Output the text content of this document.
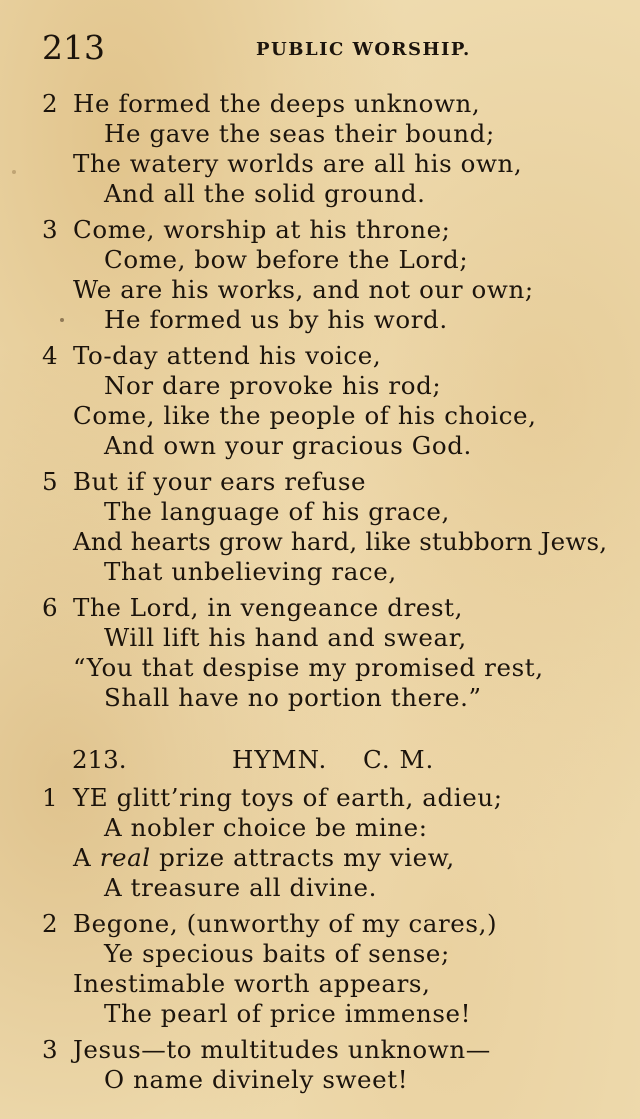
213	PUBLIC WORSHIP.
2 He formed the deeps unknown,
He gave the seas their bound;
The watery worlds are all his own,
And all the solid ground.
3 Come, worship at his throne;
Come, bow before the Lord;
We are his works, and not our own;
He formed us by his word.
4 To-day attend his voice,
Nor dare provoke his rod;
Come, like the people of his choice,
And own your gracious God.
5 But if your ears refuse
The language of his grace,
And hearts grow hard, like stubborn Jews,
That unbelieving race,
6 The Lord, in vengeance drest,
Will lift his hand and swear,
“You that despise my promised rest,
Shall have no portion there.”
213.	HYMN. C. M.
1 YE glitt’ring toys of earth, adieu;
A nobler choice be mine:
A real prize attracts my view,
A treasure all divine.
2 Begone, (unworthy of my cares,)
Ye specious baits of sense;
Inestimable worth appears,
The pearl of price immense!
3 Jesus—to multitudes unknown—
O name divinely sweet!
